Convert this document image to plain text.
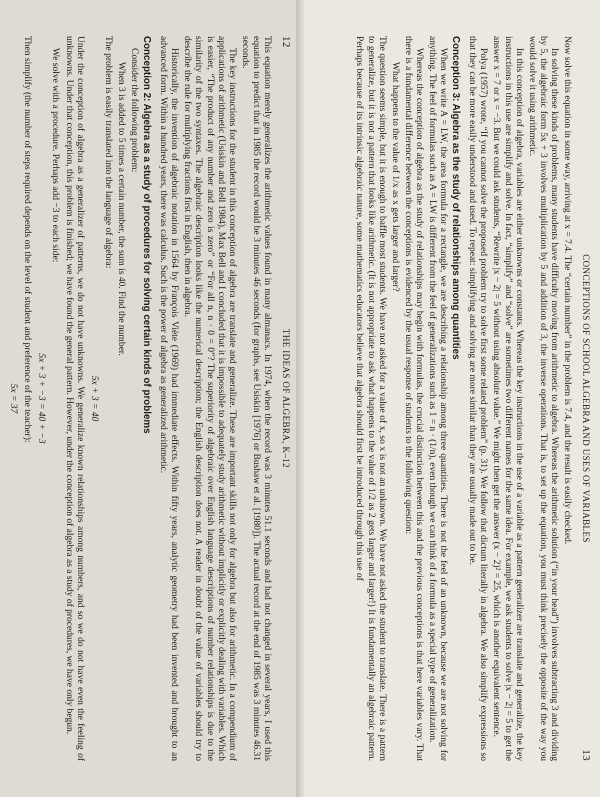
12
THE IDEAS OF ALGEBRA, K–12

This equation merely generalizes the arithmetic values found in many almanacs. In 1974, when the record was 3 minutes 51.1 seconds and had not changed in several years, I used this equation to predict that in 1985 the record would be 3 minutes 46 seconds (for graphs, see Usiskin [1976] or Bushaw et al. [1980]). The actual record at the end of 1985 was 3 minutes 46.31 seconds.

The key instructions for the student in this conception of algebra are translate and generalize. These are important skills not only for algebra but also for arithmetic. In a compendium of applications of arithmetic (Usiskin and Bell 1984), Max Bell and I concluded that it is impossible to adequately study arithmetic without implicitly or explicitly dealing with variables. Which is easier, “The product of any number and zero is zero” or “For all n, n · 0 = 0”? The superiority of algebraic over English language descriptions of number relationships is due to the similarity of the two syntaxes. The algebraic description looks like the numerical description; the English description does not. A reader in doubt of the value of variables should try to describe the rule for multiplying fractions first in English, then in algebra.

Historically, the invention of algebraic notation in 1564 by François Viète (1969) had immediate effects. Within fifty years, analytic geometry had been invented and brought to an advanced form. Within a hundred years, there was calculus. Such is the power of algebra as generalized arithmetic.

Conception 2: Algebra as a study of procedures for solving certain kinds of problems

Consider the following problem:

When 3 is added to 5 times a certain number, the sum is 40. Find the number.

The problem is easily translated into the language of algebra:

5x + 3 = 40

Under the conception of algebra as a generalizer of patterns, we do not have unknowns. We generalize known relationships among numbers, and so we do not have even the feeling of unknowns. Under that conception, this problem is finished; we have found the general pattern. However, under the conception of algebra as a study of procedures, we have only begun.

We solve with a procedure. Perhaps add −3 to each side:

5x + 3 + −3 = 40 + −3

Then simplify (the number of steps required depends on the level of student and preference of the teacher):

5x = 37	CONCEPTIONS OF SCHOOL ALGEBRA AND USES OF VARIABLES
13

Now solve this equation in some way, arriving at x = 7.4. The “certain number” in the problem is 7.4, and the result is easily checked.

In solving these kinds of problems, many students have difficulty moving from arithmetic to algebra. Whereas the arithmetic solution (“in your head”) involves subtracting 3 and dividing by 5, the algebraic form 5x + 3 involves multiplication by 5 and addition of 3, the inverse operations. That is, to set up the equation, you must think precisely the opposite of the way you would solve it using arithmetic.

In this conception of algebra, variables are either unknowns or constants. Whereas the key instructions in the use of a variable as a pattern generalizer are translate and generalize, the key instructions in this use are simplify and solve. In fact, “simplify” and “solve” are sometimes two different names for the same idea. For example, we ask students to solve |x − 2| = 5 to get the answer x = 7 or x = −3. But we could ask students, “Rewrite |x − 2| = 5 without using absolute value.” We might then get the answer (x − 2)² = 25, which is another equivalent sentence.

Polya (1957) wrote, “If you cannot solve the proposed problem try to solve first some related problem” (p. 31). We follow that dictum literally in algebra. We also simplify expressions so that they can be more easily understood and used. To repeat: simplifying and solving are more similar than they are usually made out to be.

Conception 3: Algebra as the study of relationships among quantities

When we write A = LW, the area formula for a rectangle, we are describing a relationship among three quantities. There is not the feel of an unknown, because we are not solving for anything. The feel of formulas such as A = LW is different from the feel of generalizations such as 1 = n · (1/n), even though we can think of a formula as a special type of generalization.

Whereas the conception of algebra as the study of relationships may begin with formulas, the crucial distinction between this and the previous conceptions is that here variables vary. That there is a fundamental difference between the conceptions is evidenced by the usual response of students to the following question:

What happens to the value of 1/x as x gets larger and larger?

The question seems simple, but it is enough to baffle most students. We have not asked for a value of x, so x is not an unknown. We have not asked the student to translate. There is a pattern to generalize, but it is not a pattern that looks like arithmetic. (It is not appropriate to ask what happens to the value of 1/2 as 2 gets larger and larger!) It is fundamentally an algebraic pattern. Perhaps because of its intrinsic algebraic nature, some mathematics educators believe that algebra should first be introduced through this use of
